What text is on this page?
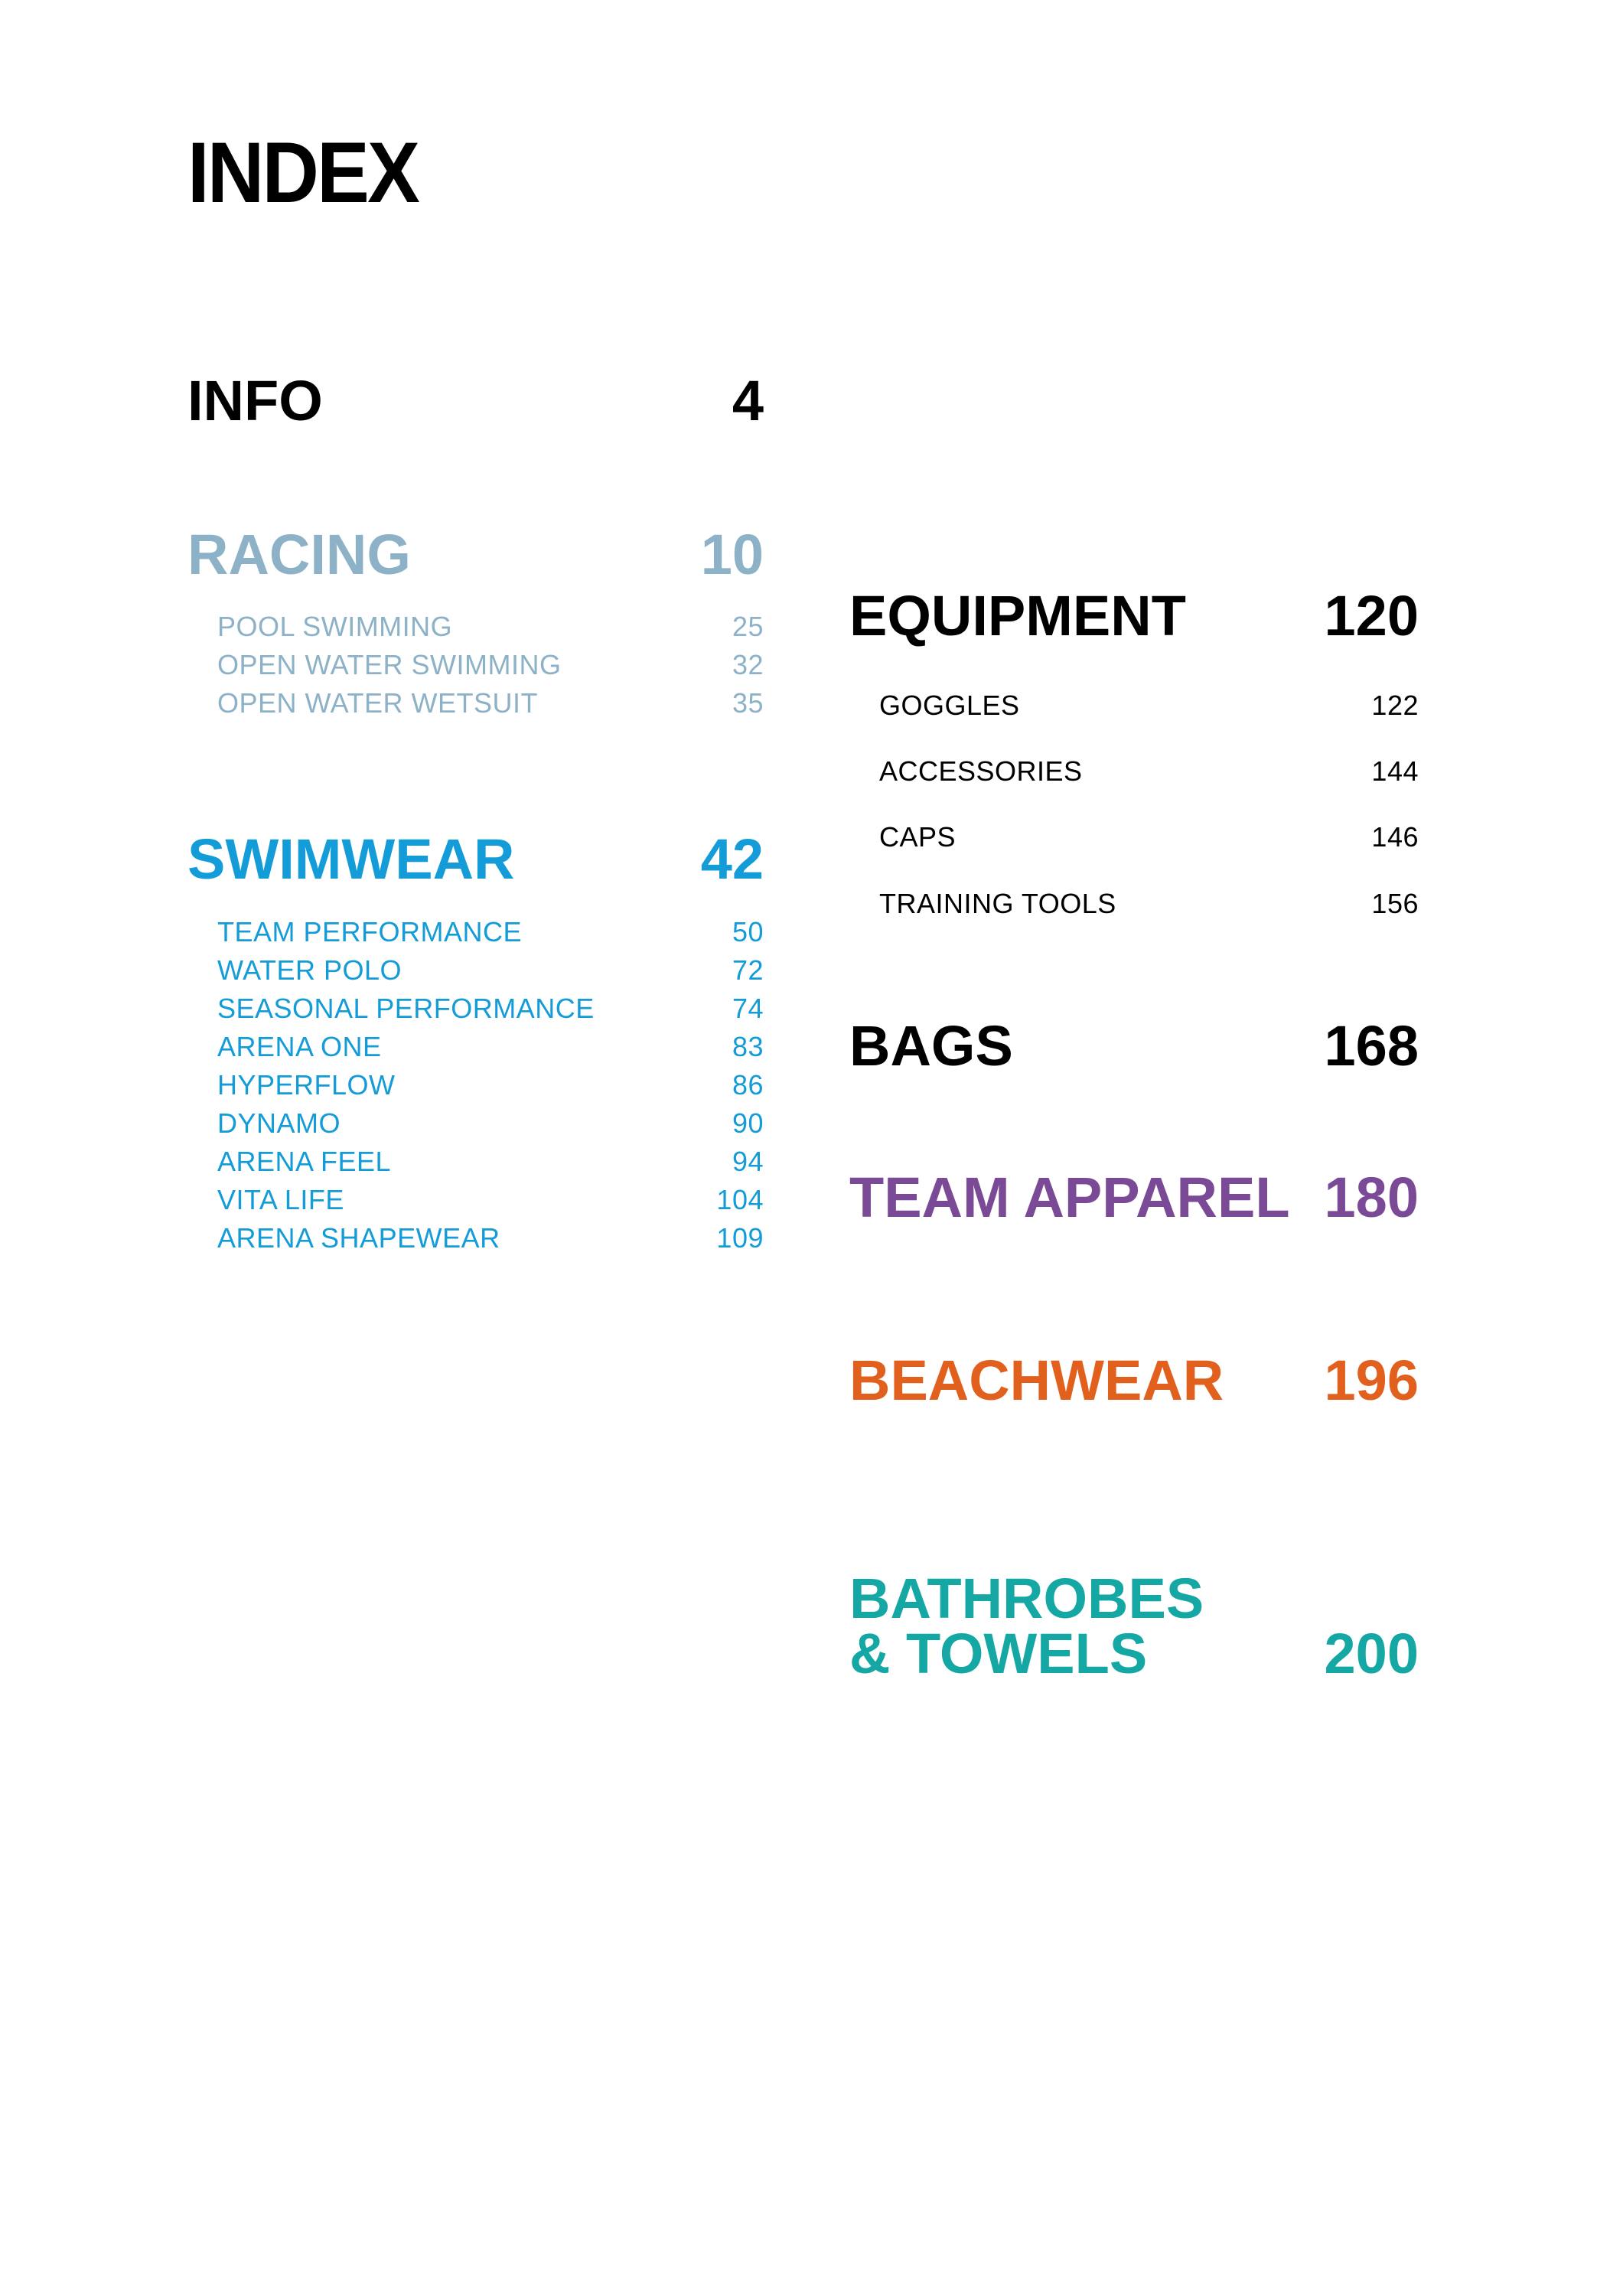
INDEX
INFO	4
RACING	10
POOL SWIMMING	25
OPEN WATER SWIMMING	32
OPEN WATER WETSUIT	35
SWIMWEAR	42
TEAM PERFORMANCE	50
WATER POLO	72
SEASONAL PERFORMANCE	74
ARENA ONE	83
HYPERFLOW	86
DYNAMO	90
ARENA FEEL	94
VITA LIFE	104
ARENA SHAPEWEAR	109
EQUIPMENT	120
GOGGLES	122
ACCESSORIES	144
CAPS	146
TRAINING TOOLS	156
BAGS	168
TEAM APPAREL 180
BEACHWEAR	196
BATHROBES
& TOWELS	200
